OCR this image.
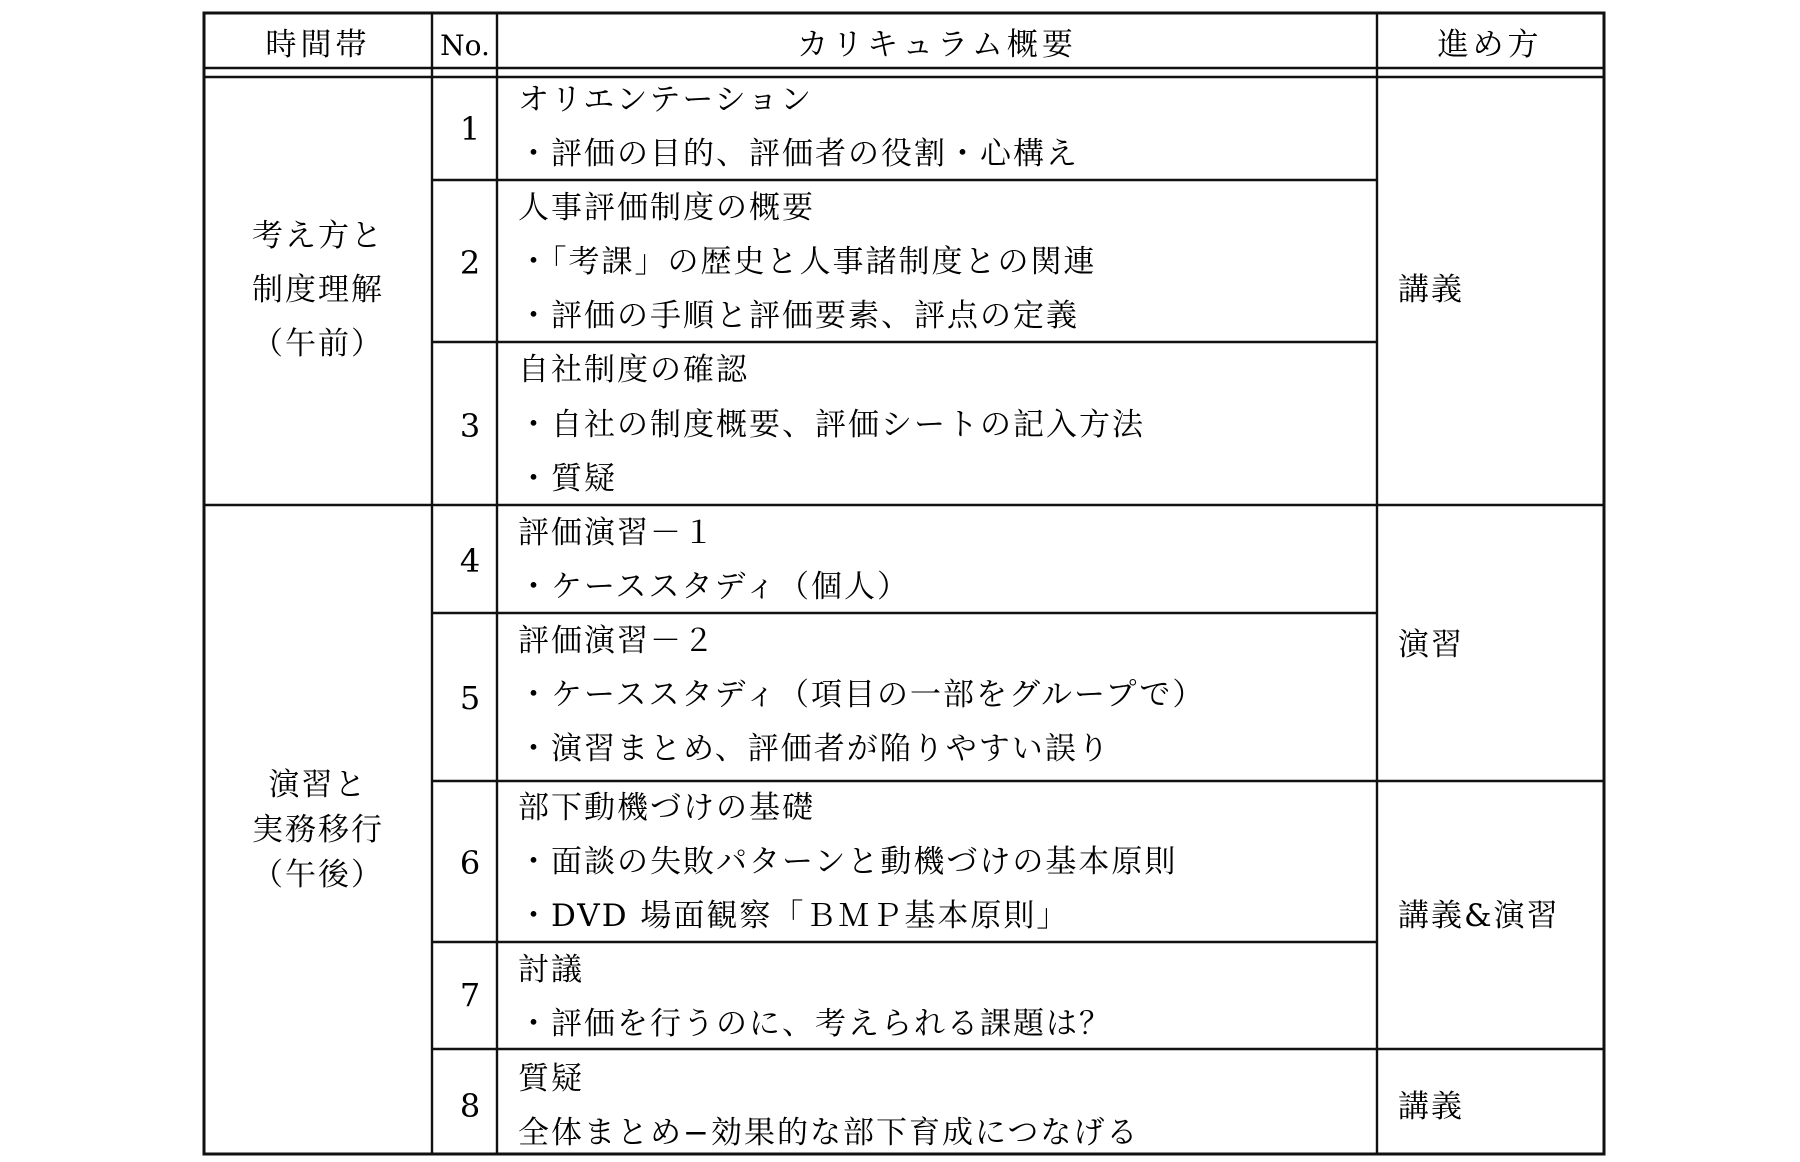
時間帯 No.	カリキュラム概要	進め方
考え方と
制度理解
（午前）
演習と
実務移行
（午後）
1
2
3
4
5
6
7
8
オリエンテーション
・評価の目的、評価者の役割・心構え
人事評価制度の概要
・「考課」の歴史と人事諸制度との関連
・評価の手順と評価要素、評点の定義
自社制度の確認
・自社の制度概要、評価シートの記入方法
・質疑
評価演習－１
・ケーススタディ（個人）
評価演習－２
・ケーススタディ（項目の一部をグループで）
・演習まとめ、評価者が陥りやすい誤り
部下動機づけの基礎
・面談の失敗パターンと動機づけの基本原則
・DVD 場面観察「ＢＭＰ基本原則」
討議
・評価を行うのに、考えられる課題は？
質疑
全体まとめ−効果的な部下育成につなげる
講義
演習
講義&演習
講義
